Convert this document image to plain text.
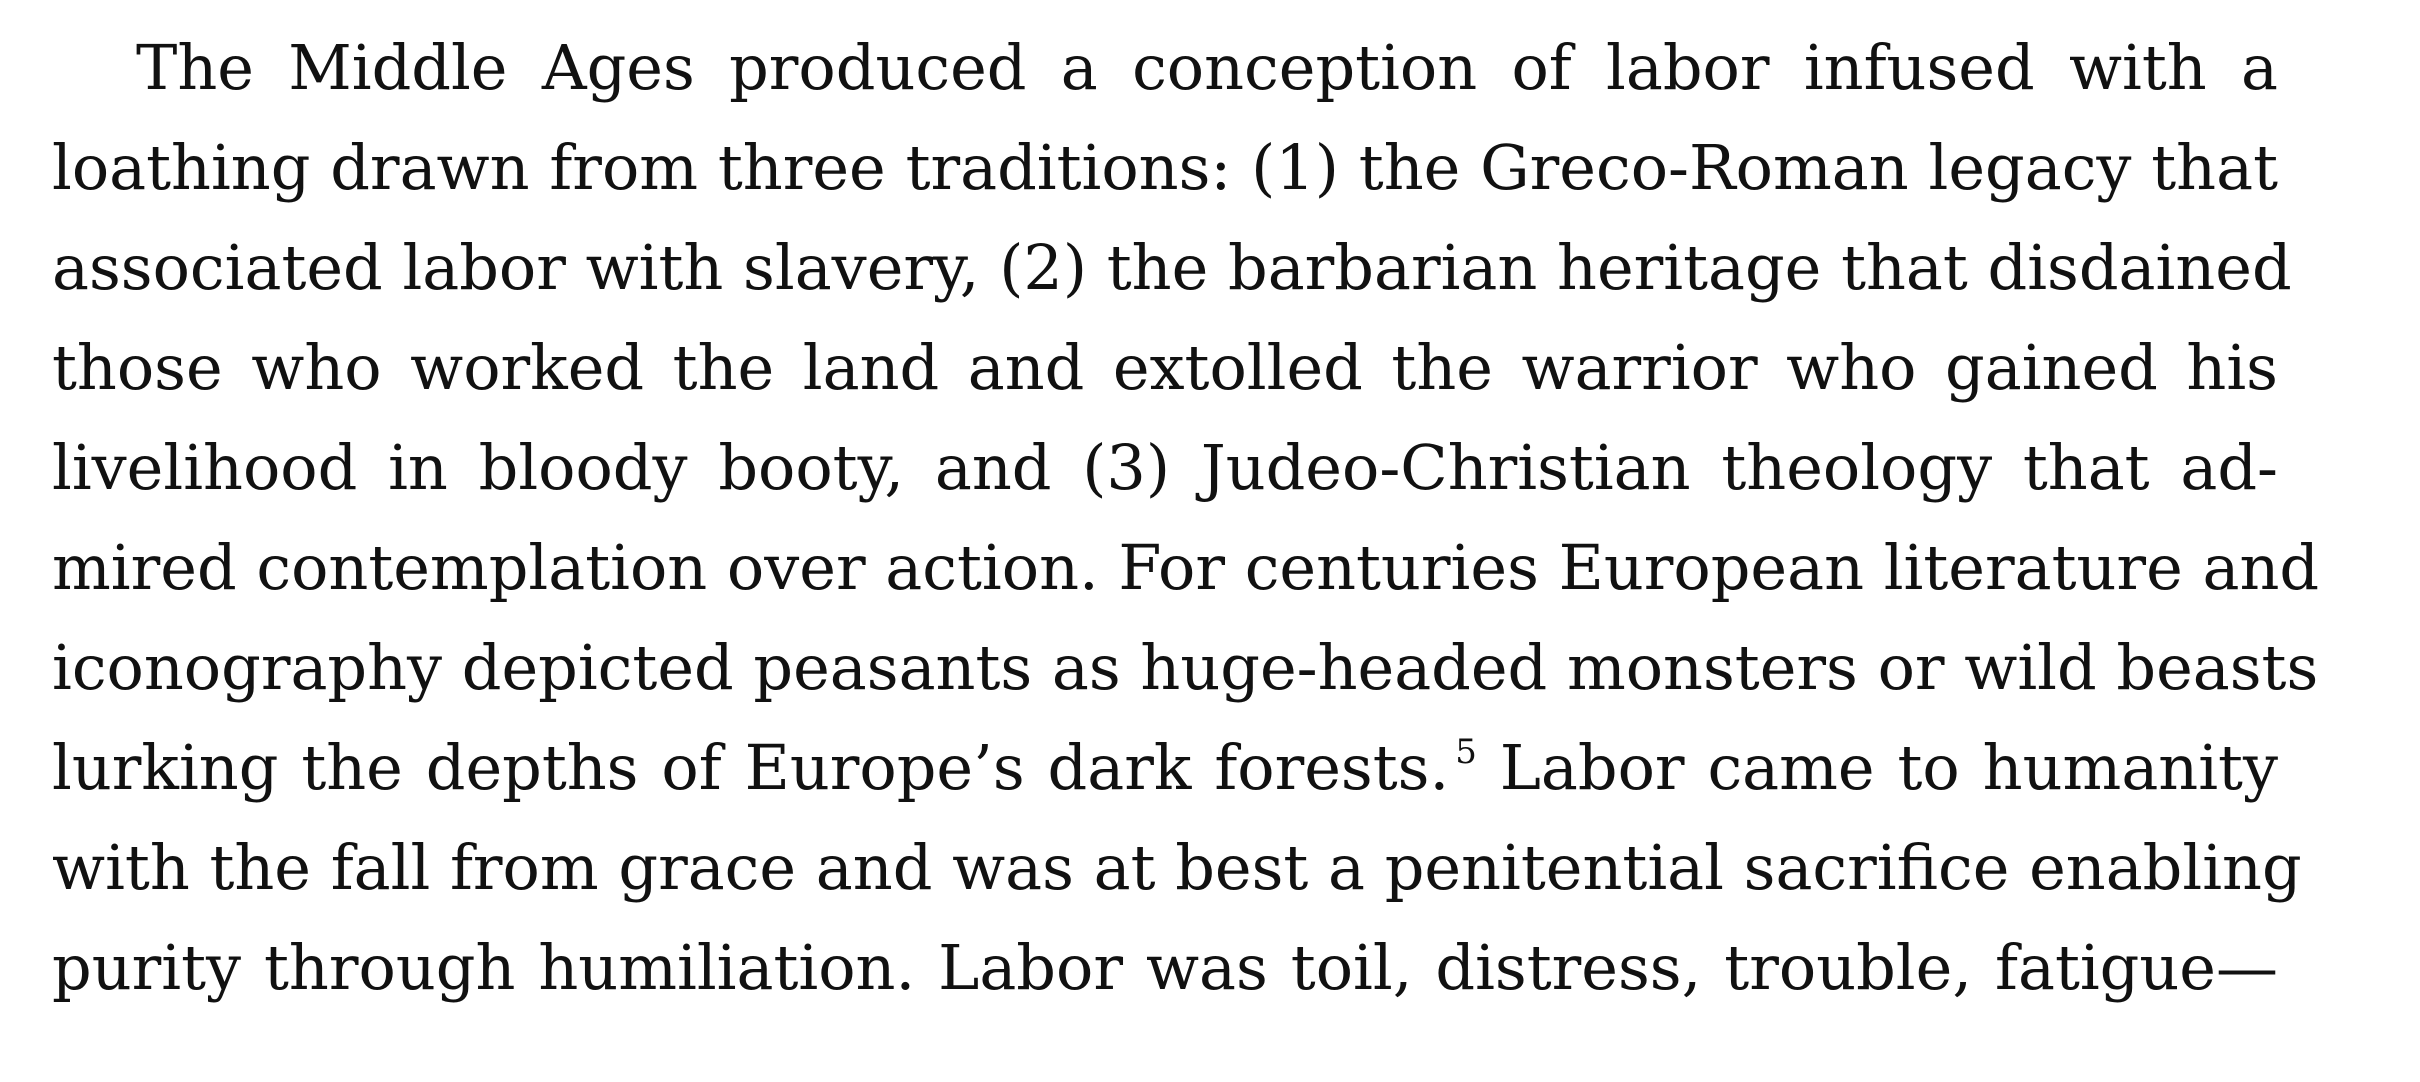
The Middle Ages produced a conception of labor infused with a
loathing drawn from three traditions: (1) the Greco-Roman legacy that
associated labor with slavery, (2) the barbarian heritage that disdained
those who worked the land and extolled the warrior who gained his
livelihood in bloody booty, and (3) Judeo-Christian theology that ad-
mired contemplation over action. For centuries European literature and
iconography depicted peasants as huge-headed monsters or wild beasts
lurking the depths of Europe’s dark forests. $^5$ Labor came to humanity
with the fall from grace and was at best a penitential sacrifice enabling
purity through humiliation. Labor was toil, distress, trouble, fatigue—
